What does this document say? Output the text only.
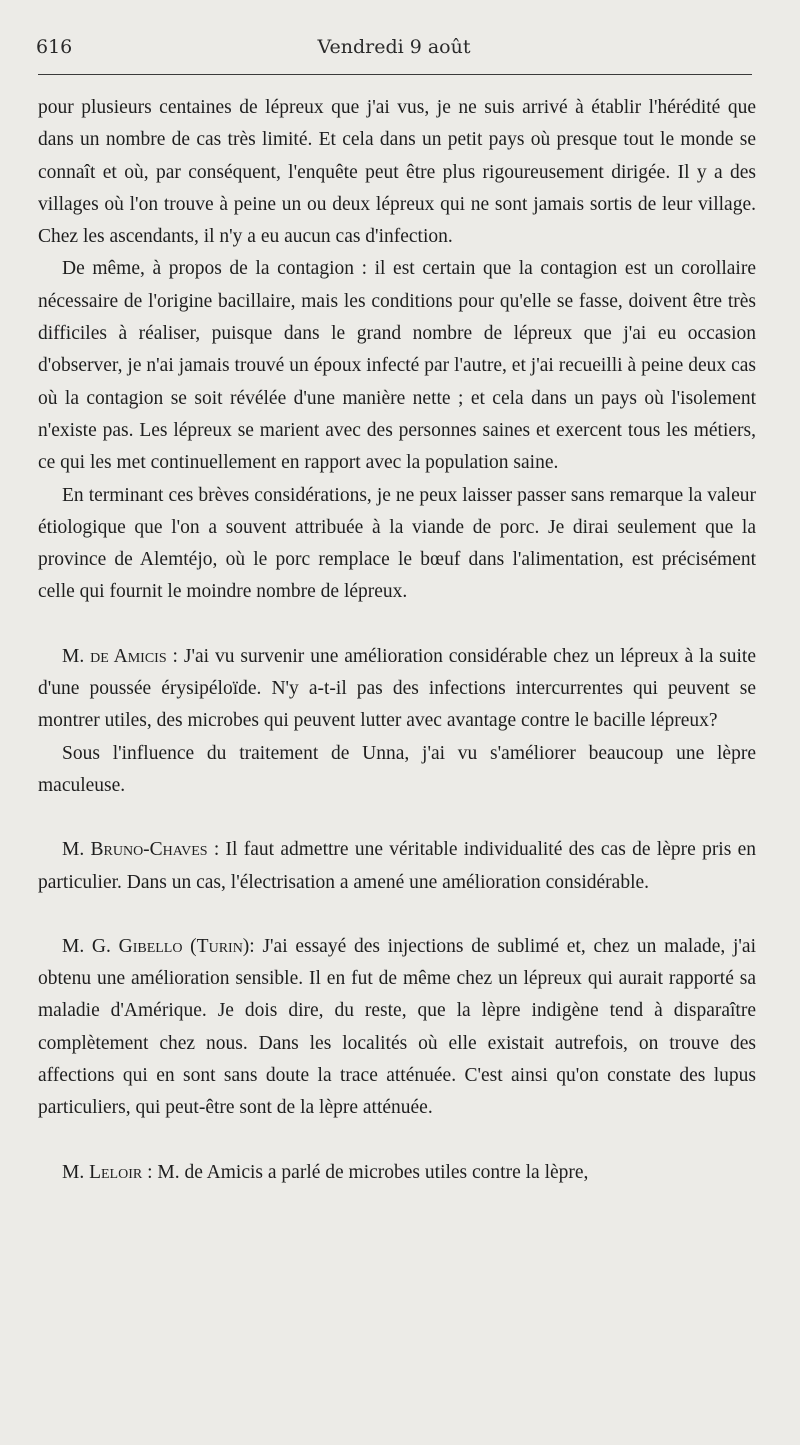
616	Vendredi 9 août

pour plusieurs centaines de lépreux que j'ai vus, je ne suis arrivé à établir l'hérédité que dans un nombre de cas très limité. Et cela dans un petit pays où presque tout le monde se connaît et où, par conséquent, l'enquête peut être plus rigoureusement dirigée. Il y a des villages où l'on trouve à peine un ou deux lépreux qui ne sont jamais sortis de leur village. Chez les ascendants, il n'y a eu aucun cas d'infection.

De même, à propos de la contagion : il est certain que la contagion est un corollaire nécessaire de l'origine bacillaire, mais les conditions pour qu'elle se fasse, doivent être très difficiles à réaliser, puisque dans le grand nombre de lépreux que j'ai eu occasion d'observer, je n'ai jamais trouvé un époux infecté par l'autre, et j'ai recueilli à peine deux cas où la contagion se soit révélée d'une manière nette ; et cela dans un pays où l'isolement n'existe pas. Les lépreux se marient avec des personnes saines et exercent tous les métiers, ce qui les met continuellement en rapport avec la population saine.

En terminant ces brèves considérations, je ne peux laisser passer sans remarque la valeur étiologique que l'on a souvent attribuée à la viande de porc. Je dirai seulement que la province de Alemtéjo, où le porc remplace le bœuf dans l'alimentation, est précisément celle qui fournit le moindre nombre de lépreux.

M. de Amicis : J'ai vu survenir une amélioration considérable chez un lépreux à la suite d'une poussée érysipéloïde. N'y a-t-il pas des infections intercurrentes qui peuvent se montrer utiles, des microbes qui peuvent lutter avec avantage contre le bacille lépreux?

Sous l'influence du traitement de Unna, j'ai vu s'améliorer beaucoup une lèpre maculeuse.

M. Bruno-Chaves : Il faut admettre une véritable individualité des cas de lèpre pris en particulier. Dans un cas, l'électrisation a amené une amélioration considérable.

M. G. Gibello (Turin): J'ai essayé des injections de sublimé et, chez un malade, j'ai obtenu une amélioration sensible. Il en fut de même chez un lépreux qui aurait rapporté sa maladie d'Amérique. Je dois dire, du reste, que la lèpre indigène tend à disparaître complètement chez nous. Dans les localités où elle existait autrefois, on trouve des affections qui en sont sans doute la trace atténuée. C'est ainsi qu'on constate des lupus particuliers, qui peut-être sont de la lèpre atténuée.

M. Leloir : M. de Amicis a parlé de microbes utiles contre la lèpre,
